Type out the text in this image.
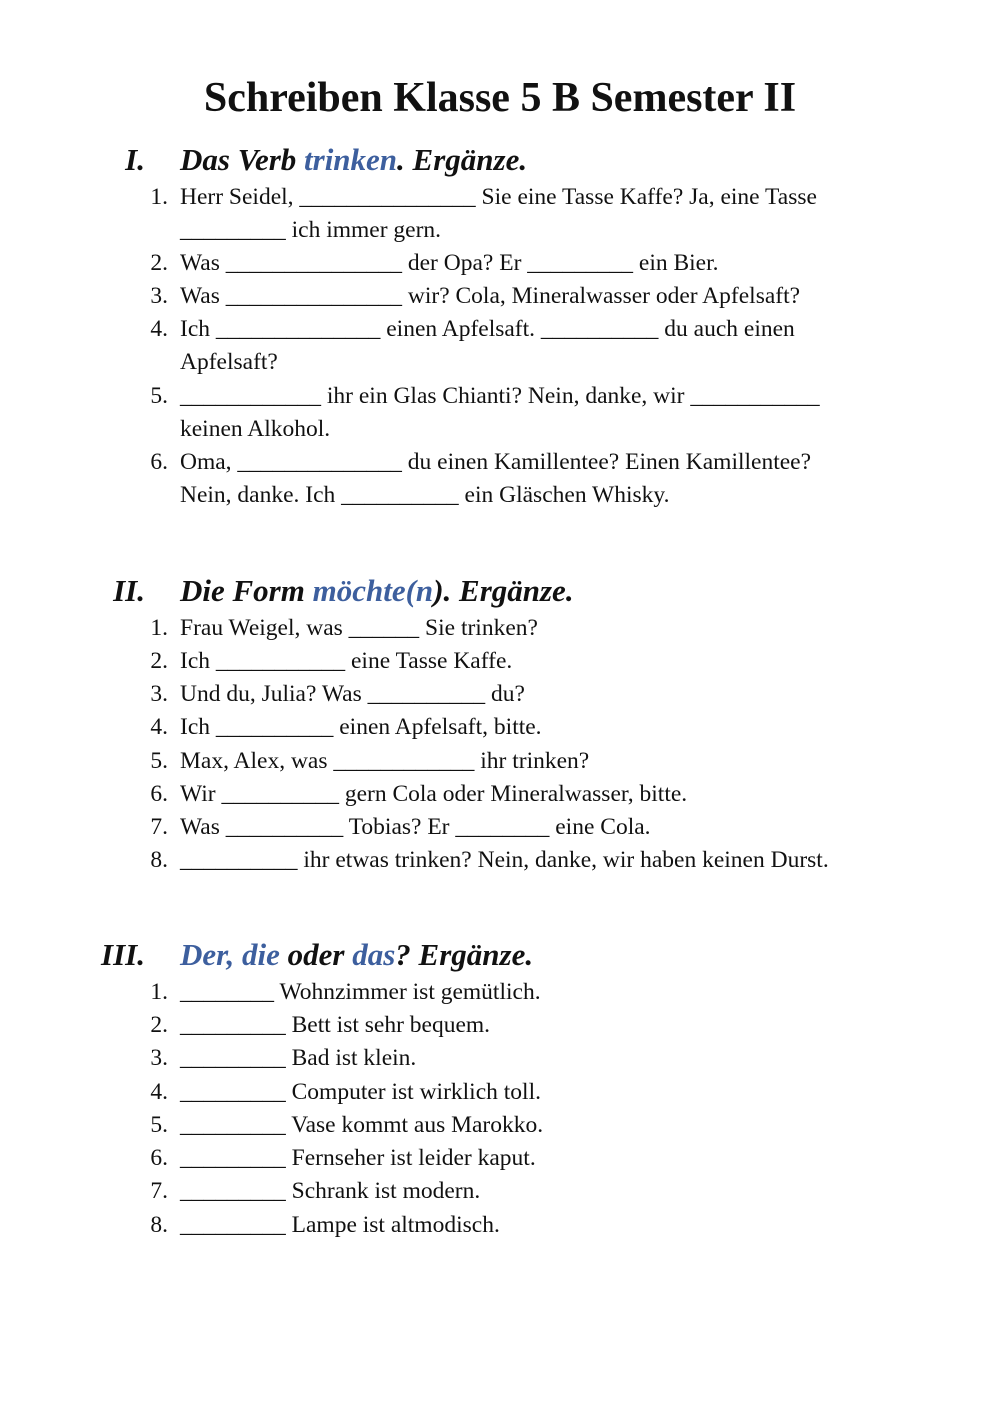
Schreiben Klasse 5 B Semester II
I. Das Verb trinken. Ergänze.
1. Herr Seidel, _______________ Sie eine Tasse Kaffe? Ja, eine Tasse
_________ ich immer gern.
2. Was _______________ der Opa? Er _________ ein Bier.
3. Was _______________ wir? Cola, Mineralwasser oder Apfelsaft?
4. Ich ______________ einen Apfelsaft. __________ du auch einen
Apfelsaft?
5. ____________ ihr ein Glas Chianti? Nein, danke, wir ___________
keinen Alkohol.
6. Oma, ______________ du einen Kamillentee? Einen Kamillentee?
Nein, danke. Ich __________ ein Gläschen Whisky.
II. Die Form möchte(n). Ergänze.
1. Frau Weigel, was ______ Sie trinken?
2. Ich ___________ eine Tasse Kaffe.
3. Und du, Julia? Was __________ du?
4. Ich __________ einen Apfelsaft, bitte.
5. Max, Alex, was ____________ ihr trinken?
6. Wir __________ gern Cola oder Mineralwasser, bitte.
7. Was __________ Tobias? Er ________ eine Cola.
8. __________ ihr etwas trinken? Nein, danke, wir haben keinen Durst.
III. Der, die oder das? Ergänze.
1. ________ Wohnzimmer ist gemütlich.
2. _________ Bett ist sehr bequem.
3. _________ Bad ist klein.
4. _________ Computer ist wirklich toll.
5. _________ Vase kommt aus Marokko.
6. _________ Fernseher ist leider kaput.
7. _________ Schrank ist modern.
8. _________ Lampe ist altmodisch.
